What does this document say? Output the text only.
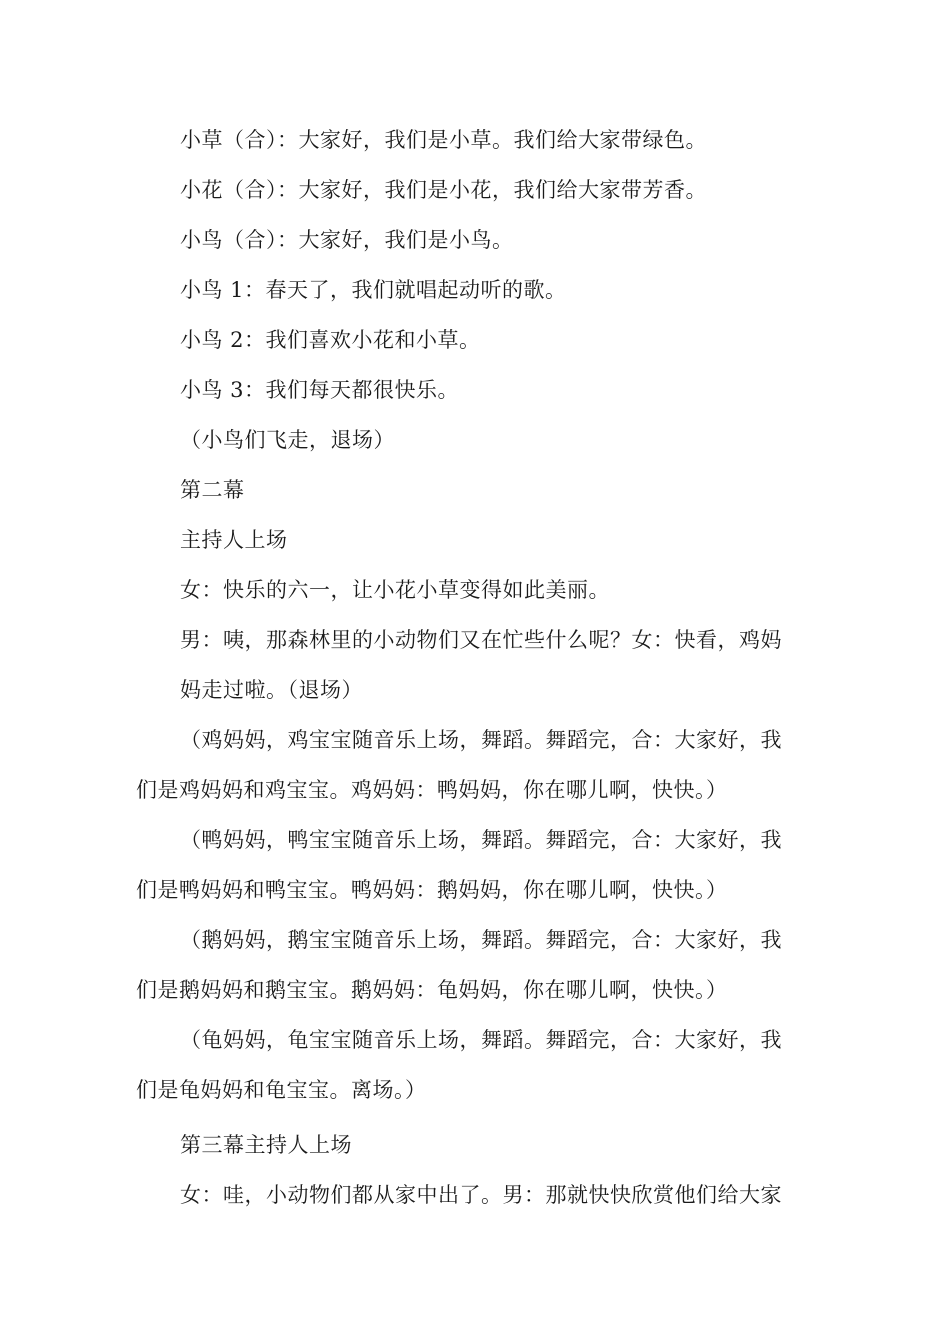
小草（合）：大家好，我们是小草。我们给大家带绿色。
小花（合）：大家好，我们是小花，我们给大家带芳香。
小鸟（合）：大家好，我们是小鸟。
小鸟 1：春天了，我们就唱起动听的歌。
小鸟 2：我们喜欢小花和小草。
小鸟 3：我们每天都很快乐。
（小鸟们飞走，退场）
第二幕
主持人上场
女：快乐的六一，让小花小草变得如此美丽。
男：咦，那森林里的小动物们又在忙些什么呢？女：快看，鸡妈
妈走过啦。（退场）
（鸡妈妈，鸡宝宝随音乐上场，舞蹈。舞蹈完，合：大家好，我
们是鸡妈妈和鸡宝宝。鸡妈妈：鸭妈妈，你在哪儿啊，快快。）
（鸭妈妈，鸭宝宝随音乐上场，舞蹈。舞蹈完，合：大家好，我
们是鸭妈妈和鸭宝宝。鸭妈妈：鹅妈妈，你在哪儿啊，快快。）
（鹅妈妈，鹅宝宝随音乐上场，舞蹈。舞蹈完，合：大家好，我
们是鹅妈妈和鹅宝宝。鹅妈妈：龟妈妈，你在哪儿啊，快快。）
（龟妈妈，龟宝宝随音乐上场，舞蹈。舞蹈完，合：大家好，我
们是龟妈妈和龟宝宝。离场。）
第三幕主持人上场
女：哇，小动物们都从家中出了。男：那就快快欣赏他们给大家
